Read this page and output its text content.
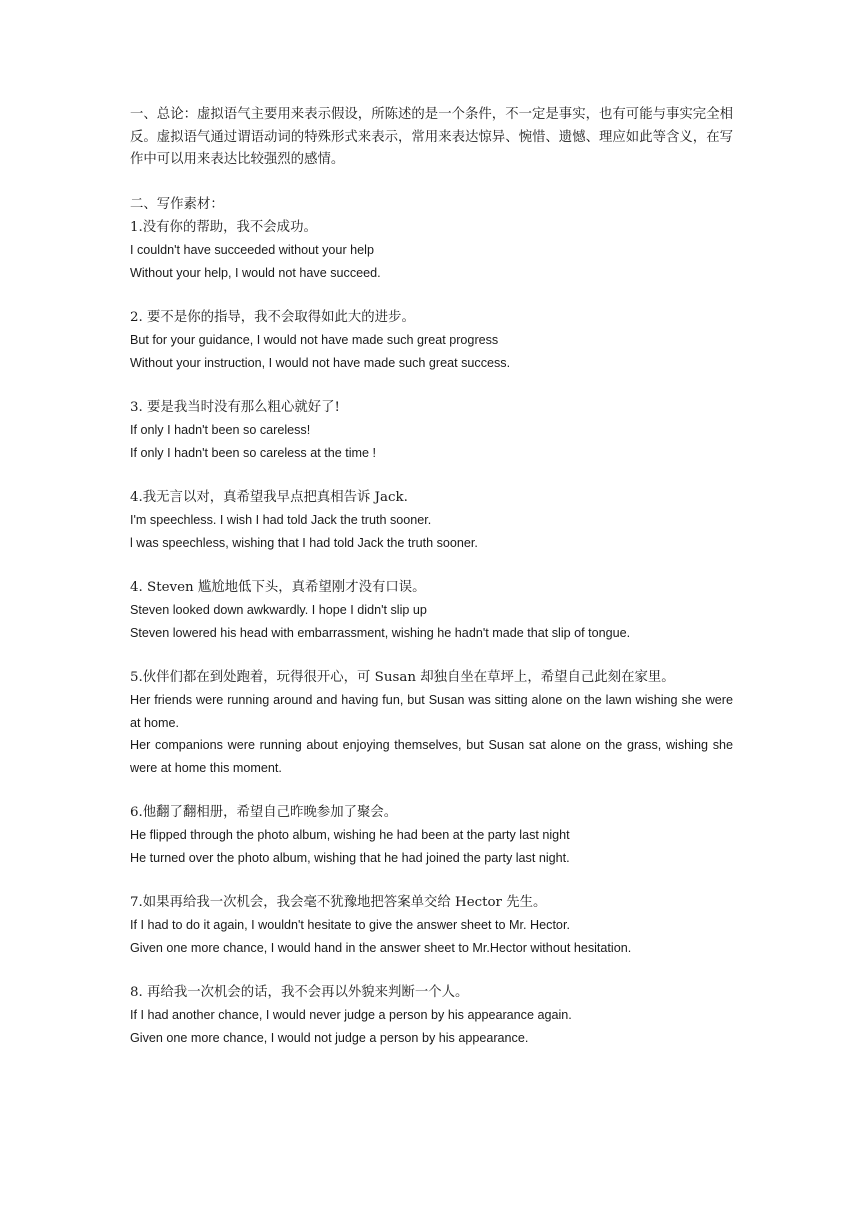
一、总论：虚拟语气主要用来表示假设，所陈述的是一个条件，不一定是事实，也有可能与事实完全相反。虚拟语气通过谓语动词的特殊形式来表示，常用来表达惊异、惋惜、遗憾、理应如此等含义，在写作中可以用来表达比较强烈的感情。

二、写作素材：

1.没有你的帮助，我不会成功。

I couldn't have succeeded without your help

Without your help, I would not have succeed.

2. 要不是你的指导，我不会取得如此大的进步。

But for your guidance, I would not have made such great progress

Without your instruction, I would not have made such great success.

3. 要是我当时没有那么粗心就好了!

If only I hadn't been so careless!

If only I hadn't been so careless at the time !

4.我无言以对，真希望我早点把真相告诉 Jack.

I'm speechless. I wish I had told Jack the truth sooner.

l was speechless, wishing that I had told Jack the truth sooner.

4. Steven 尴尬地低下头，真希望刚才没有口误。

Steven looked down awkwardly. I hope I didn't slip up

Steven lowered his head with embarrassment, wishing he hadn't made that slip of tongue.

5.伙伴们都在到处跑着，玩得很开心，可 Susan 却独自坐在草坪上，希望自己此刻在家里。

Her friends were running around and having fun, but Susan was sitting alone on the lawn wishing she were at home.

Her companions were running about enjoying themselves, but Susan sat alone on the grass, wishing she were at home this moment.

6.他翻了翻相册，希望自己昨晚参加了聚会。

He flipped through the photo album, wishing he had been at the party last night

He turned over the photo album, wishing that he had joined the party last night.

7.如果再给我一次机会，我会毫不犹豫地把答案单交给 Hector 先生。

If I had to do it again, I wouldn't hesitate to give the answer sheet to Mr. Hector.

Given one more chance, I would hand in the answer sheet to Mr.Hector without hesitation.

8. 再给我一次机会的话，我不会再以外貌来判断一个人。

If I had another chance, I would never judge a person by his appearance again.

Given one more chance, I would not judge a person by his appearance.
